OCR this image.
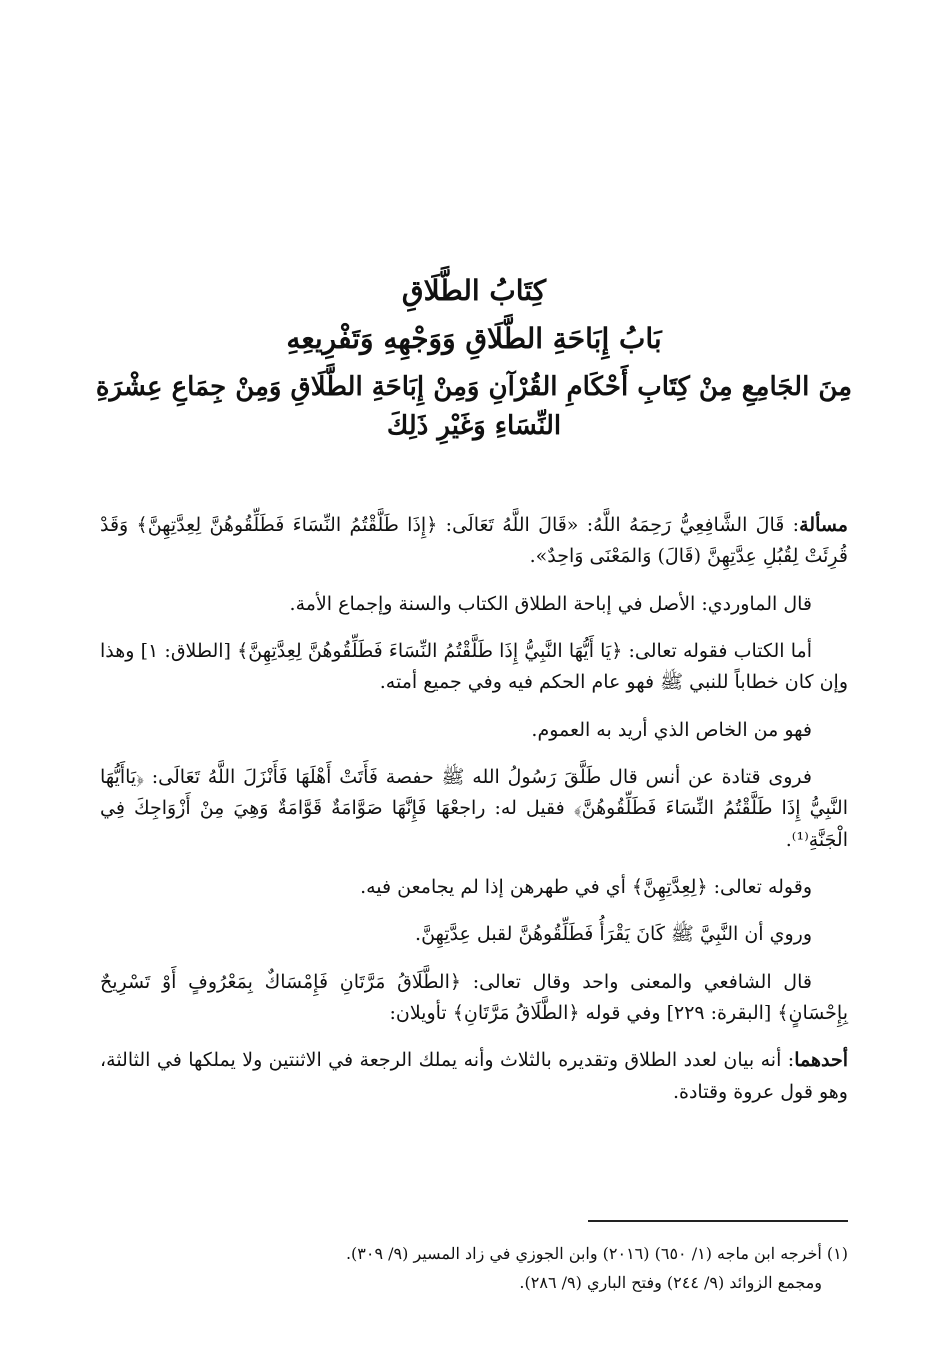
كِتَابُ الطَّلَاقِ
بَابُ إِبَاحَةِ الطَّلَاقِ وَوَجْهِهِ وَتَفْرِيعِهِ
مِنَ الجَامِعِ مِنْ كِتَابِ أَحْكَامِ القُرْآنِ وَمِنْ إِبَاحَةِ الطَّلَاقِ وَمِنْ جِمَاعِ عِشْرَةِ النِّسَاءِ وَغَيْرِ ذَلِكَ

مسألة: قَالَ الشَّافِعِيُّ رَحِمَهُ اللَّهُ: «قَالَ اللَّهُ تَعَالَى: ﴿إِذَا طَلَّقْتُمُ النِّسَاءَ فَطَلِّقُوهُنَّ لِعِدَّتِهِنَّ﴾ وَقَدْ قُرِئَتْ لِقُبُلِ عِدَّتِهِنَّ (قَالَ) وَالمَعْنَى وَاحِدٌ».

قال الماوردي: الأصل في إباحة الطلاق الكتاب والسنة وإجماع الأمة.

أما الكتاب فقوله تعالى: ﴿يَا أَيُّهَا النَّبِيُّ إِذَا طَلَّقْتُمُ النِّسَاءَ فَطَلِّقُوهُنَّ لِعِدَّتِهِنَّ﴾ [الطلاق: ١] وهذا وإن كان خطاباً للنبي ﷺ فهو عام الحكم فيه وفي جميع أمته.

فهو من الخاص الذي أريد به العموم.

فروى قتادة عن أنس قال طَلَّقَ رَسُولُ الله ﷺ حفصة فَأَتَتْ أَهْلَهَا فَأَنْزَلَ اللَّهُ تَعَالَى: ﴿يَاأَيُّهَا النَّبِيُّ إِذَا طَلَّقْتُمُ النِّسَاءَ فَطَلِّقُوهُنَّ﴾ فقيل له: راجعْهَا فَإِنَّهَا صَوَّامَةٌ قَوَّامَةٌ وَهِيَ مِنْ أَزْوَاجِكَ فِي الْجَنَّةِ⁽¹⁾.

وقوله تعالى: ﴿لِعِدَّتِهِنَّ﴾ أي في طهرهن إذا لم يجامعن فيه.

وروي أن النَّبِيَّ ﷺ كَانَ يَقْرَأُ فَطَلِّقُوهُنَّ لقبل عِدَّتِهِنَّ.

قال الشافعي والمعنى واحد وقال تعالى: ﴿الطَّلَاقُ مَرَّتَانِ فَإِمْسَاكٌ بِمَعْرُوفٍ أَوْ تَسْرِيحٌ بِإِحْسَانٍ﴾ [البقرة: ٢٢٩] وفي قوله ﴿الطَّلَاقُ مَرَّتَانِ﴾ تأويلان:

أحدهما: أنه بيان لعدد الطلاق وتقديره بالثلاث وأنه يملك الرجعة في الاثنتين ولا يملكها في الثالثة، وهو قول عروة وقتادة.

(١) أخرجه ابن ماجه (١/ ٦٥٠) (٢٠١٦) وابن الجوزي في زاد المسير (٩/ ٣٠٩).

ومجمع الزوائد (٩/ ٢٤٤) وفتح الباري (٩/ ٢٨٦).
